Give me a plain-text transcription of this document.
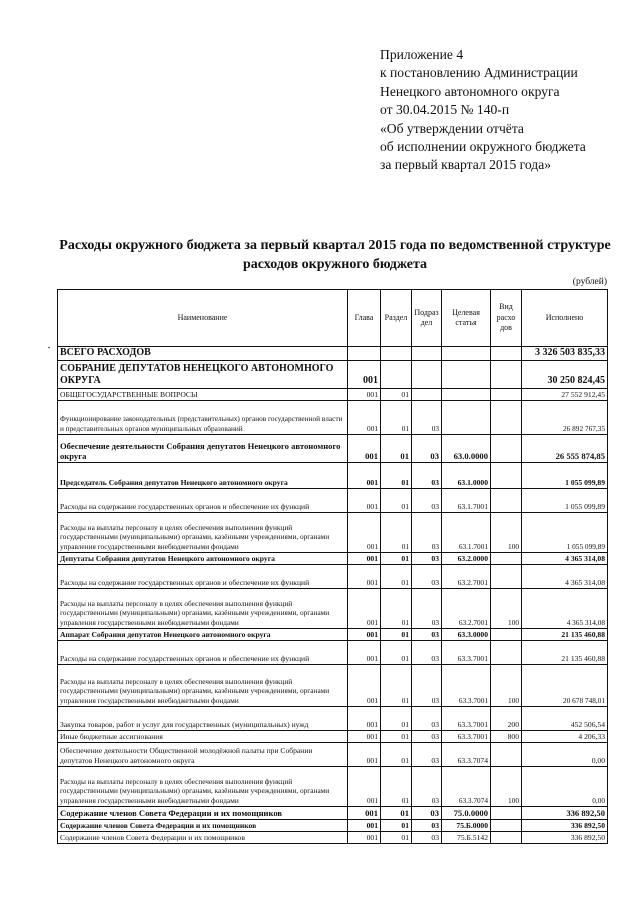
Приложение 4
к постановлению Администрации
Ненецкого автономного округа
от 30.04.2015 № 140-п
«Об утверждении отчёта
об исполнении окружного бюджета
за первый квартал 2015 года»
Расходы окружного бюджета за первый квартал 2015 года по ведомственной структуре
расходов окружного бюджета
(рублей)
Наименование	Глава	Раздел	Подраз дел	Целевая статья	Вид расхо дов	Исполнено
ВСЕГО РАСХОДОВ						3 326 503 835,33
СОБРАНИЕ ДЕПУТАТОВ НЕНЕЦКОГО АВТОНОМНОГО ОКРУГА	001					30 250 824,45
ОБЩЕГОСУДАРСТВЕННЫЕ ВОПРОСЫ	001	01				27 552 912,45
Функционирование законодательных (представительных) органов государственной власти и представительных органов муниципальных образований	001	01	03			26 892 767,35
Обеспечение деятельности Собрания депутатов Ненецкого автономного округа	001	01	03	63.0.0000		26 555 874,85
Председатель Собрания депутатов Ненецкого автономного округа	001	01	03	63.1.0000		1 055 099,89
Расходы на содержание государственных органов и обеспечение их функций	001	01	03	63.1.7001		1 055 099,89
Расходы на выплаты персоналу в целях обеспечения выполнения функций государственными (муниципальными) органами, казёнными учреждениями, органами управления государственными внебюджетными фондами	001	01	03	63.1.7001	100	1 055 099,89
Депутаты Собрания депутатов Ненецкого автономного округа	001	01	03	63.2.0000		4 365 314,08
Расходы на содержание государственных органов и обеспечение их функций	001	01	03	63.2.7001		4 365 314,08
Расходы на выплаты персоналу в целях обеспечения выполнения функций государственными (муниципальными) органами, казёнными учреждениями, органами управления государственными внебюджетными фондами	001	01	03	63.2.7001	100	4 365 314,08
Аппарат Собрания депутатов Ненецкого автономного округа	001	01	03	63.3.0000		21 135 460,88
Расходы на содержание государственных органов и обеспечение их функций	001	01	03	63.3.7001		21 135 460,88
Расходы на выплаты персоналу в целях обеспечения выполнения функций государственными (муниципальными) органами, казёнными учреждениями, органами управления государственными внебюджетными фондами	001	01	03	63.3.7001	100	20 678 748,01
Закупка товаров, работ и услуг для государственных (муниципальных) нужд	001	01	03	63.3.7001	200	452 506,54
Иные бюджетные ассигнования	001	01	03	63.3.7001	800	4 206,33
Обеспечение деятельности Общественной молодёжной палаты при Собрании депутатов Ненецкого автономного округа	001	01	03	63.3.7074		0,00
Расходы на выплаты персоналу в целях обеспечения выполнения функций государственными (муниципальными) органами, казёнными учреждениями, органами управления государственными внебюджетными фондами	001	01	03	63.3.7074	100	0,00
Содержание членов Совета Федерации и их помощников	001	01	03	75.0.0000		336 892,50
Содержание членов Совета Федерации и их помощников	001	01	03	75.Б.0000		336 892,50
Содержание членов Совета Федерации и их помощников	001	01	03	75.Б.5142		336 892,50
